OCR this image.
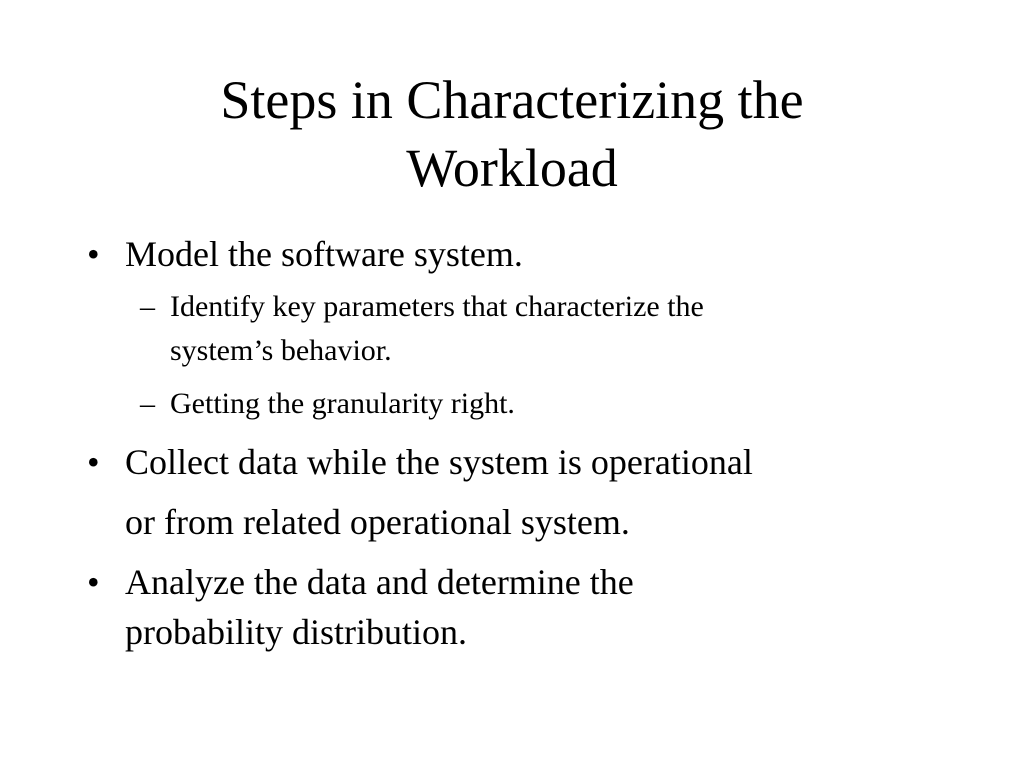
Steps in Characterizing the
Workload
• Model the software system.
– Identify key parameters that characterize the
system’s behavior.
– Getting the granularity right.
• Collect data while the system is operational
or from related operational system.
• Analyze the data and determine the
probability distribution.
